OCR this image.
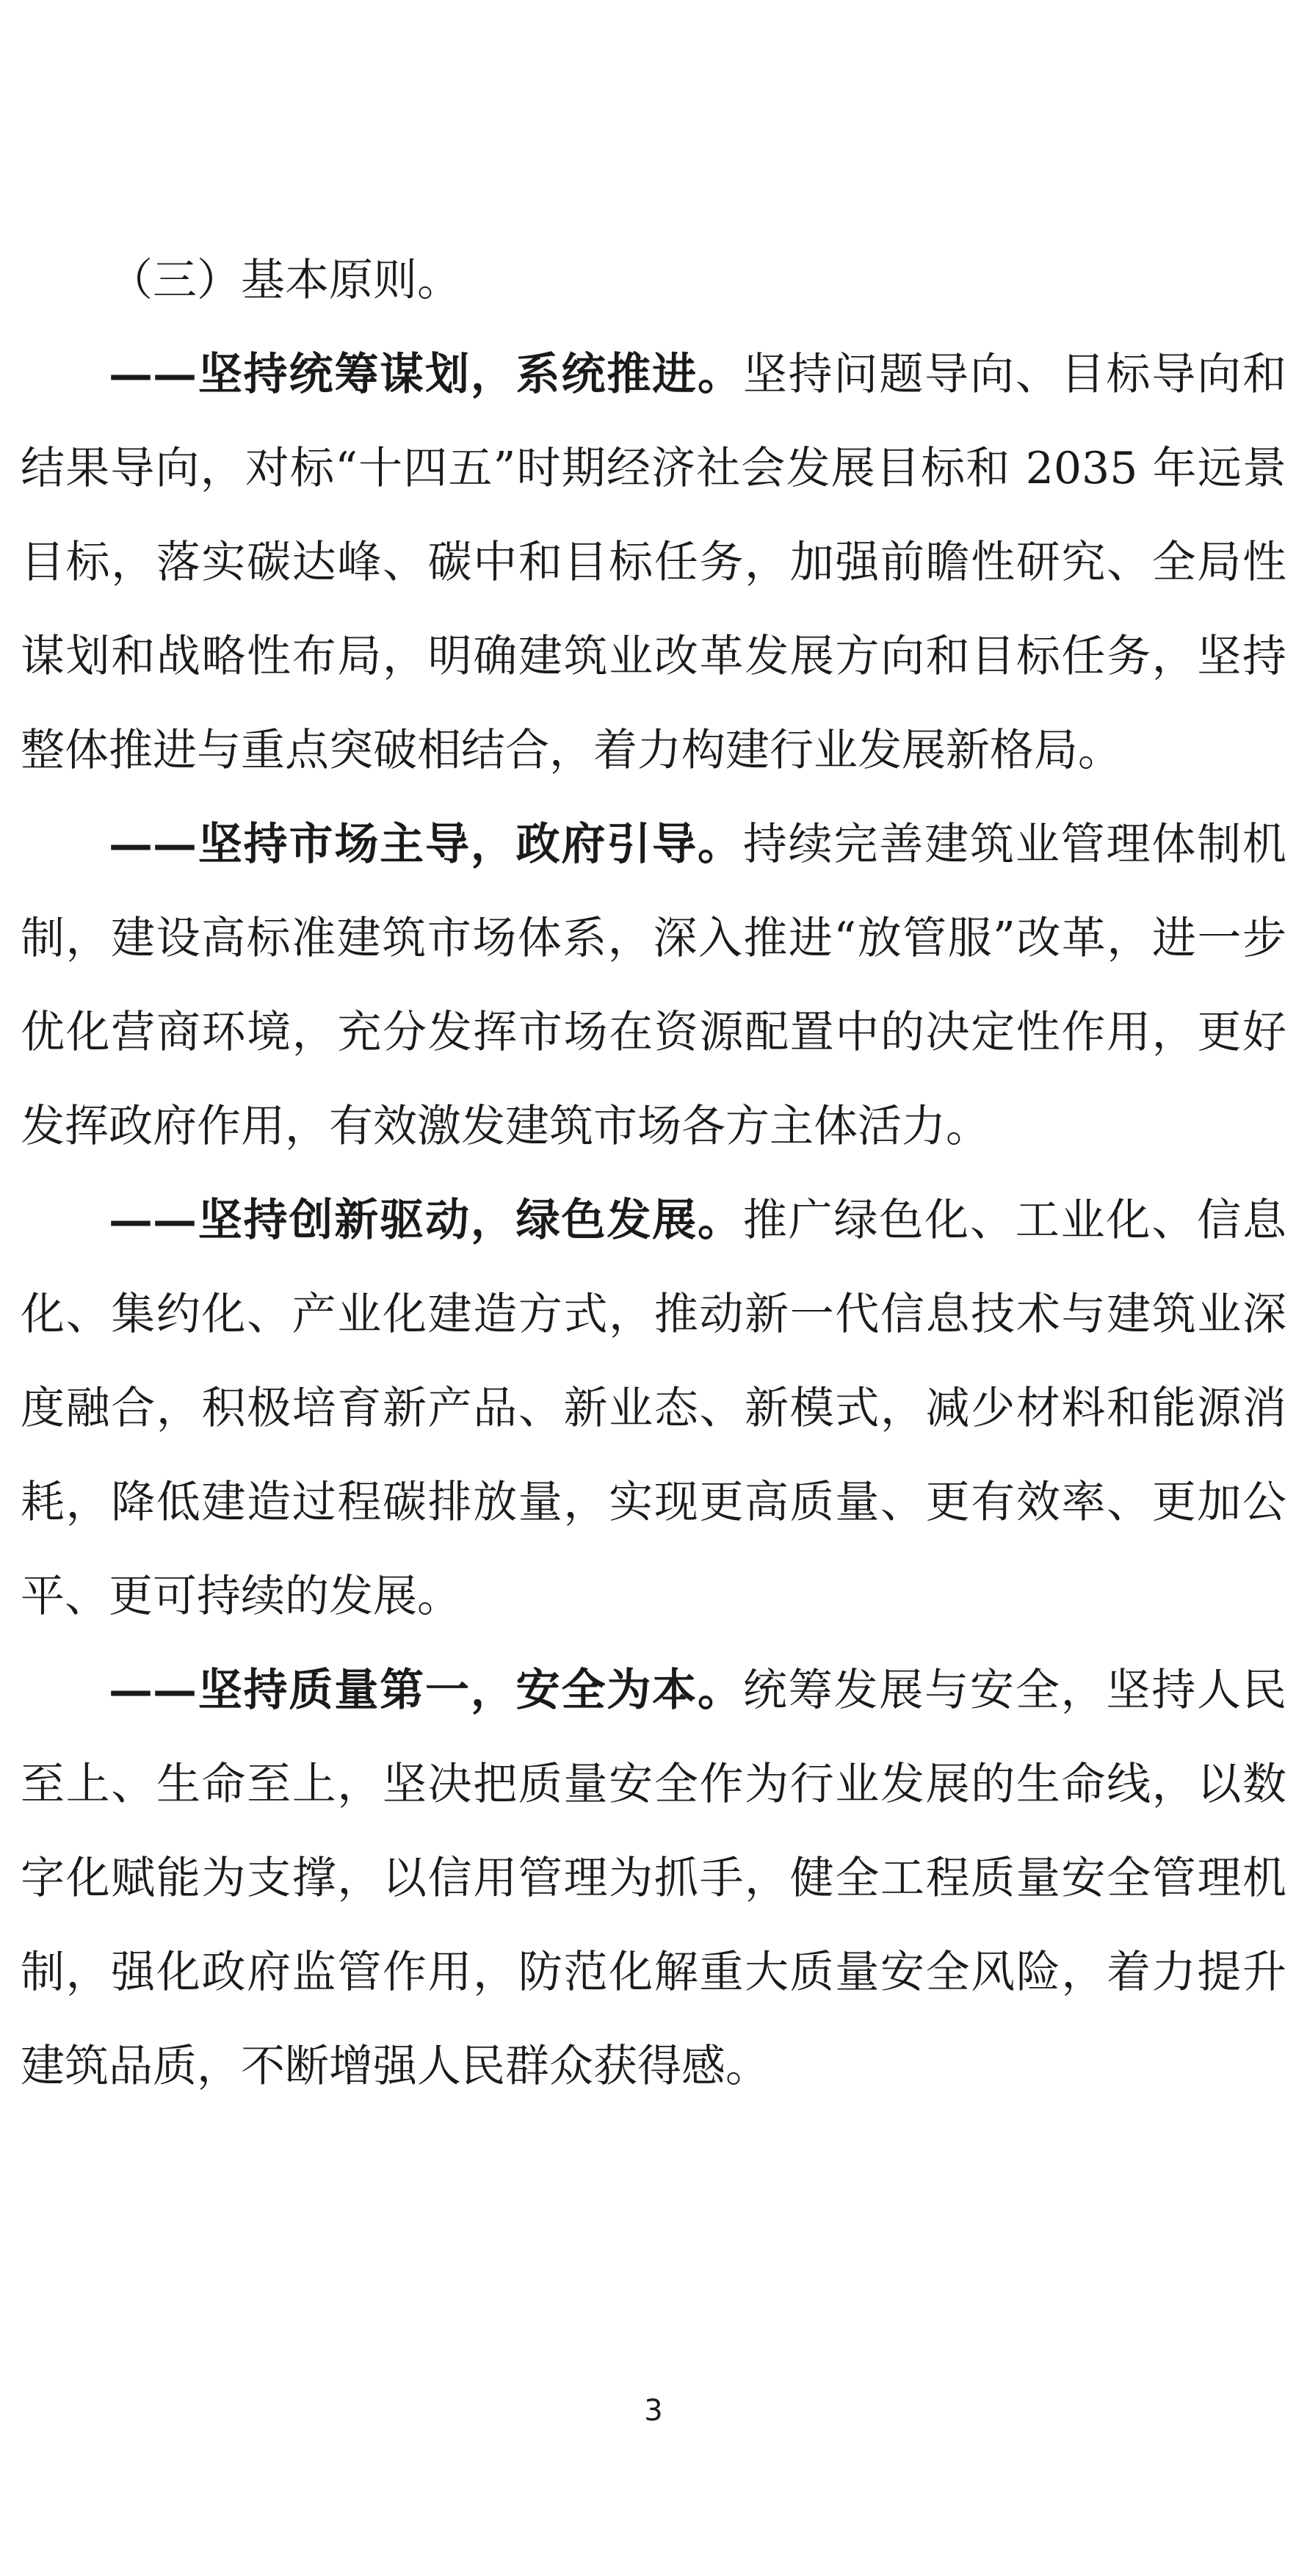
（三）基本原则。

——坚持统筹谋划，系统推进。坚持问题导向、目标导向和结果导向，对标“十四五”时期经济社会发展目标和 2035 年远景目标，落实碳达峰、碳中和目标任务，加强前瞻性研究、全局性谋划和战略性布局，明确建筑业改革发展方向和目标任务，坚持整体推进与重点突破相结合，着力构建行业发展新格局。

——坚持市场主导，政府引导。持续完善建筑业管理体制机制，建设高标准建筑市场体系，深入推进“放管服”改革，进一步优化营商环境，充分发挥市场在资源配置中的决定性作用，更好发挥政府作用，有效激发建筑市场各方主体活力。

——坚持创新驱动，绿色发展。推广绿色化、工业化、信息化、集约化、产业化建造方式，推动新一代信息技术与建筑业深度融合，积极培育新产品、新业态、新模式，减少材料和能源消耗，降低建造过程碳排放量，实现更高质量、更有效率、更加公平、更可持续的发展。

——坚持质量第一，安全为本。统筹发展与安全，坚持人民至上、生命至上，坚决把质量安全作为行业发展的生命线，以数字化赋能为支撑，以信用管理为抓手，健全工程质量安全管理机制，强化政府监管作用，防范化解重大质量安全风险，着力提升建筑品质，不断增强人民群众获得感。

3
